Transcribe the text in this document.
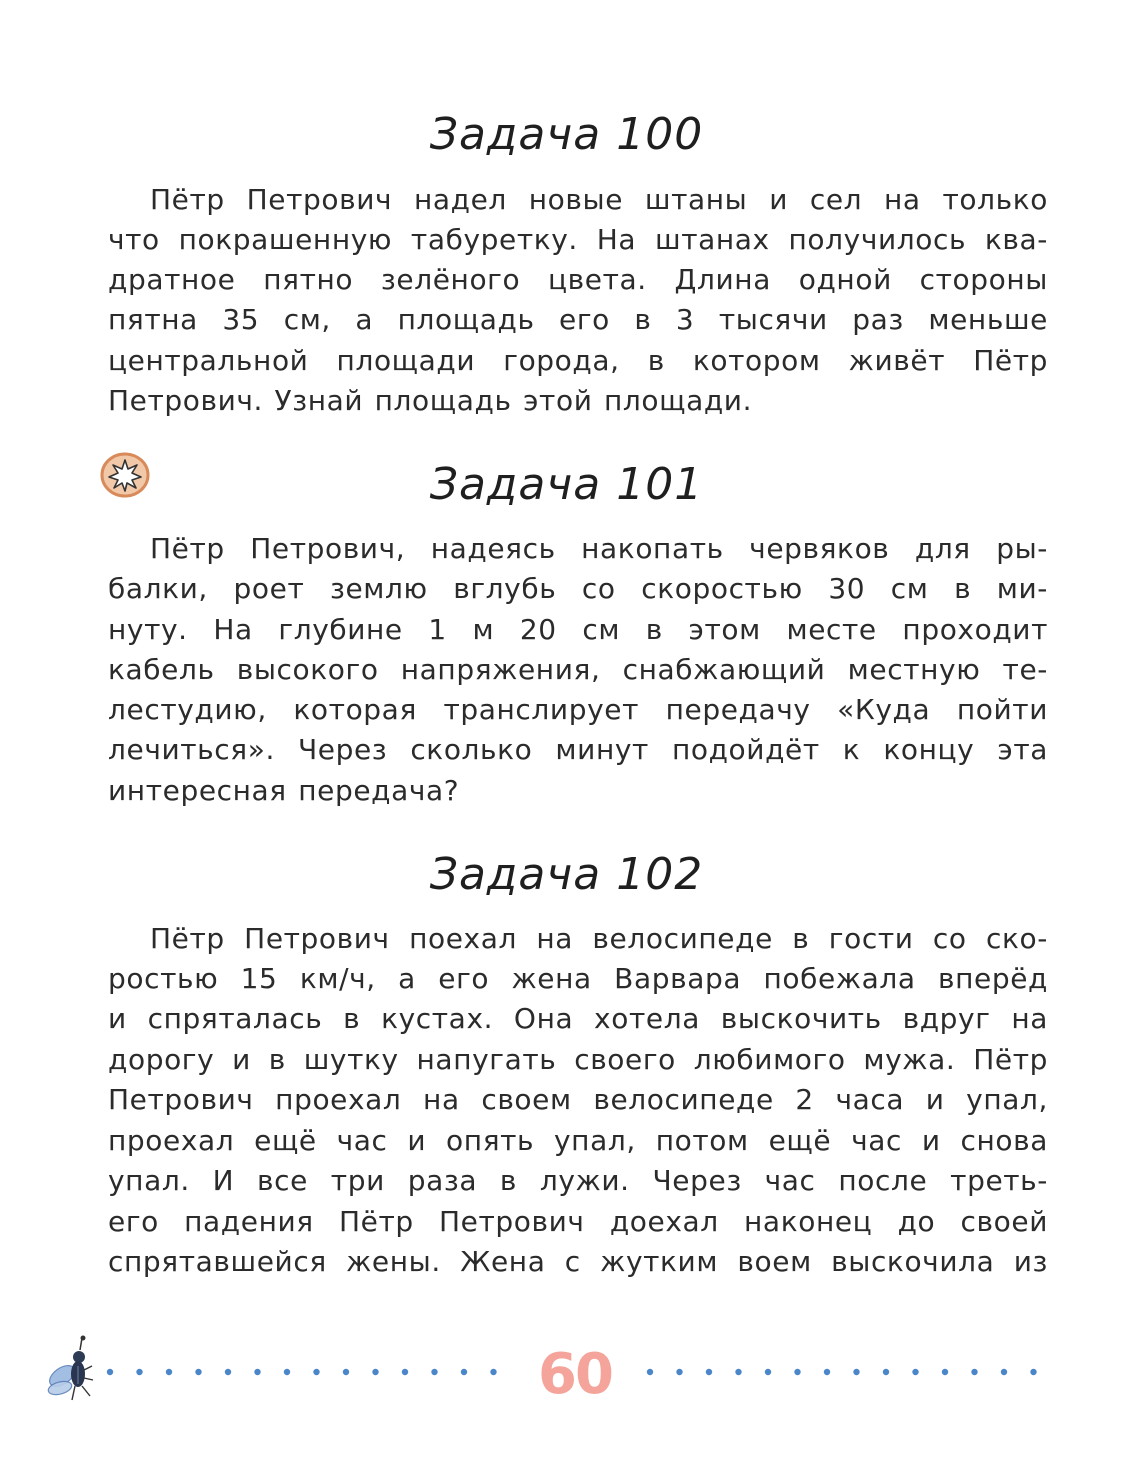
Задача 100
Пётр Петрович надел новые штаны и сел на только
что покрашенную табуретку. На штанах получилось ква-
дратное пятно зелёного цвета. Длина одной стороны
пятна 35 см, а площадь его в 3 тысячи раз меньше
центральной площади города, в котором живёт Пётр
Петрович. Узнай площадь этой площади.
Задача 101
Пётр Петрович, надеясь накопать червяков для ры-
балки, роет землю вглубь со скоростью 30 см в ми-
нуту. На глубине 1 м 20 см в этом месте проходит
кабель высокого напряжения, снабжающий местную те-
лестудию, которая транслирует передачу «Куда пойти
лечиться». Через сколько минут подойдёт к концу эта
интересная передача?
Задача 102
Пётр Петрович поехал на велосипеде в гости со ско-
ростью 15 км/ч, а его жена Варвара побежала вперёд
и спряталась в кустах. Она хотела выскочить вдруг на
дорогу и в шутку напугать своего любимого мужа. Пётр
Петрович проехал на своем велосипеде 2 часа и упал,
проехал ещё час и опять упал, потом ещё час и снова
упал. И все три раза в лужи. Через час после треть-
его падения Пётр Петрович доехал наконец до своей
спрятавшейся жены. Жена с жутким воем выскочила из
60
